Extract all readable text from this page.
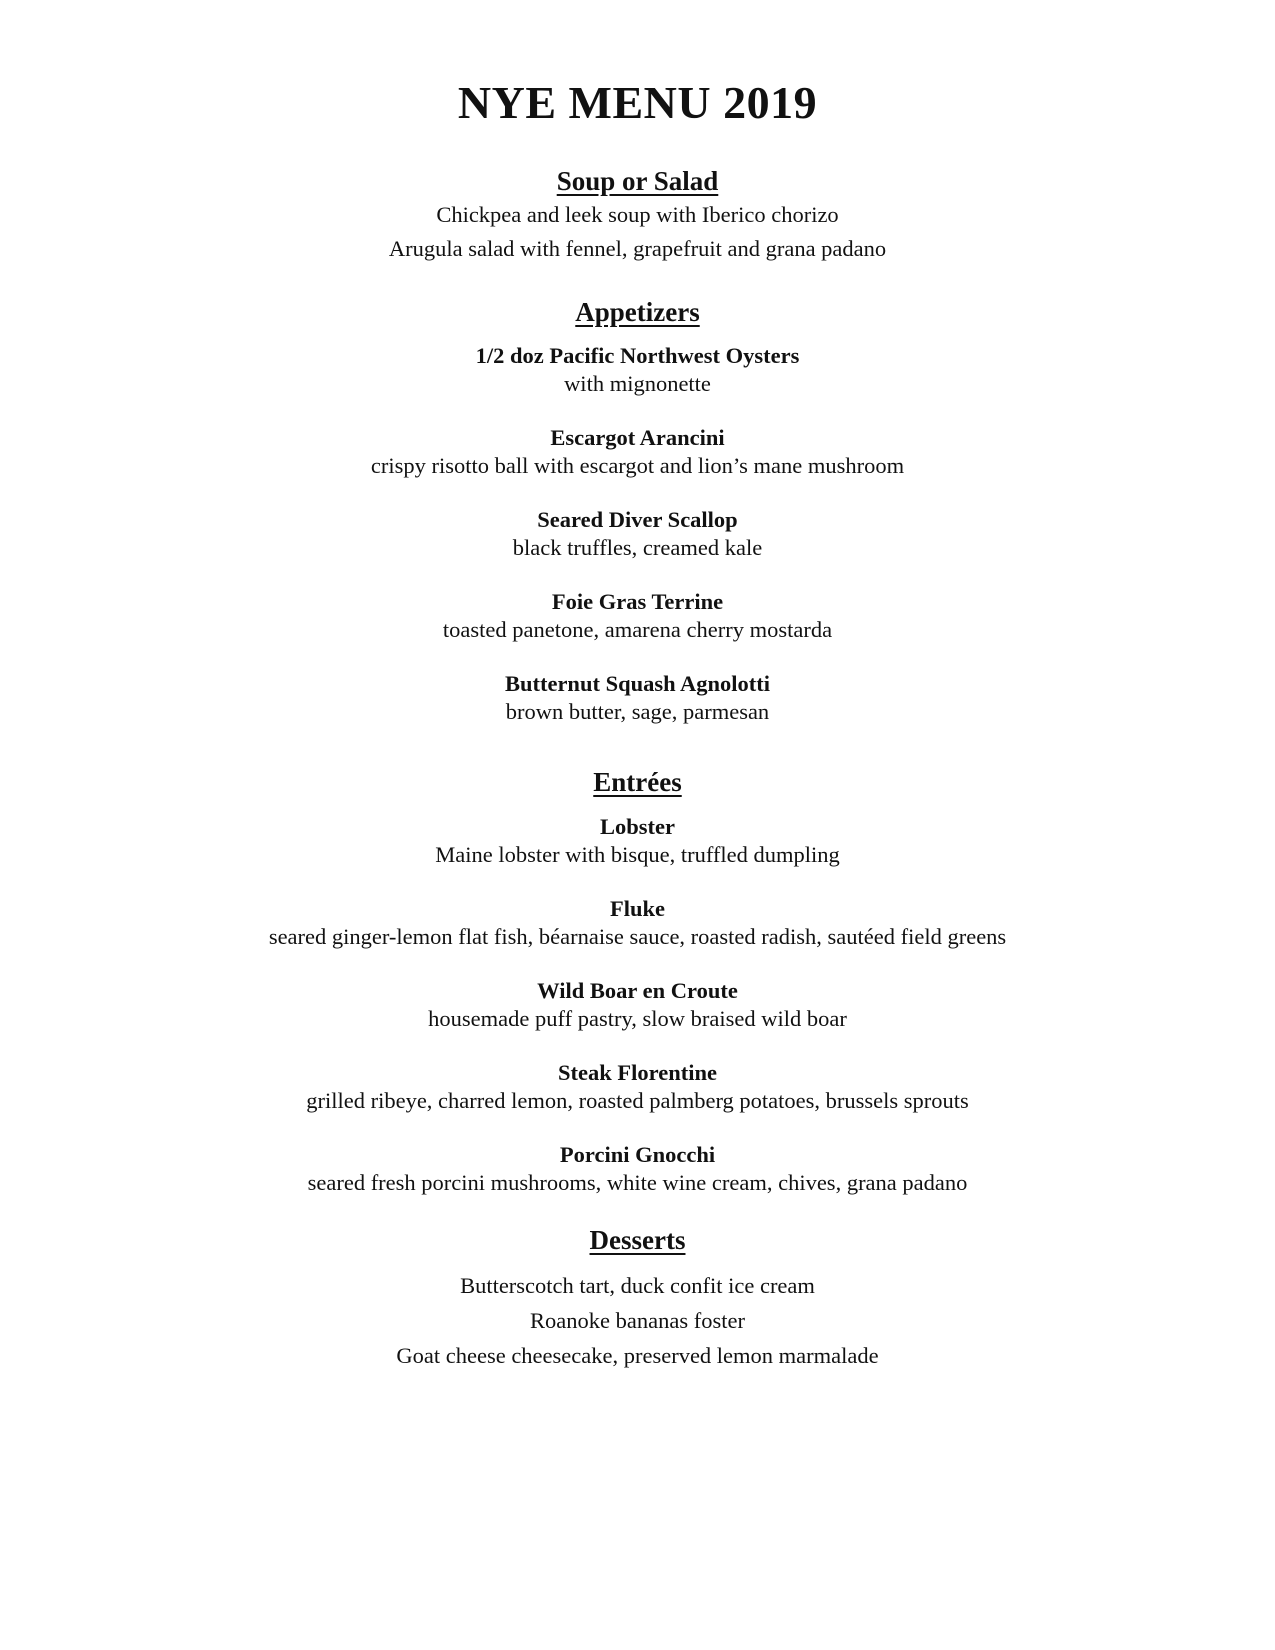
NYE MENU 2019
Soup or Salad
Chickpea and leek soup with Iberico chorizo
Arugula salad with fennel, grapefruit and grana padano
Appetizers
1/2 doz Pacific Northwest Oysters
with mignonette
Escargot Arancini
crispy risotto ball with escargot and lion’s mane mushroom
Seared Diver Scallop
black truffles, creamed kale
Foie Gras Terrine
toasted panetone, amarena cherry mostarda
Butternut Squash Agnolotti
brown butter, sage, parmesan
Entrées
Lobster
Maine lobster with bisque, truffled dumpling
Fluke
seared ginger-lemon flat fish, béarnaise sauce, roasted radish, sautéed field greens
Wild Boar en Croute
housemade puff pastry, slow braised wild boar
Steak Florentine
grilled ribeye, charred lemon, roasted palmberg potatoes, brussels sprouts
Porcini Gnocchi
seared fresh porcini mushrooms, white wine cream, chives, grana padano
Desserts
Butterscotch tart, duck confit ice cream
Roanoke bananas foster
Goat cheese cheesecake, preserved lemon marmalade
